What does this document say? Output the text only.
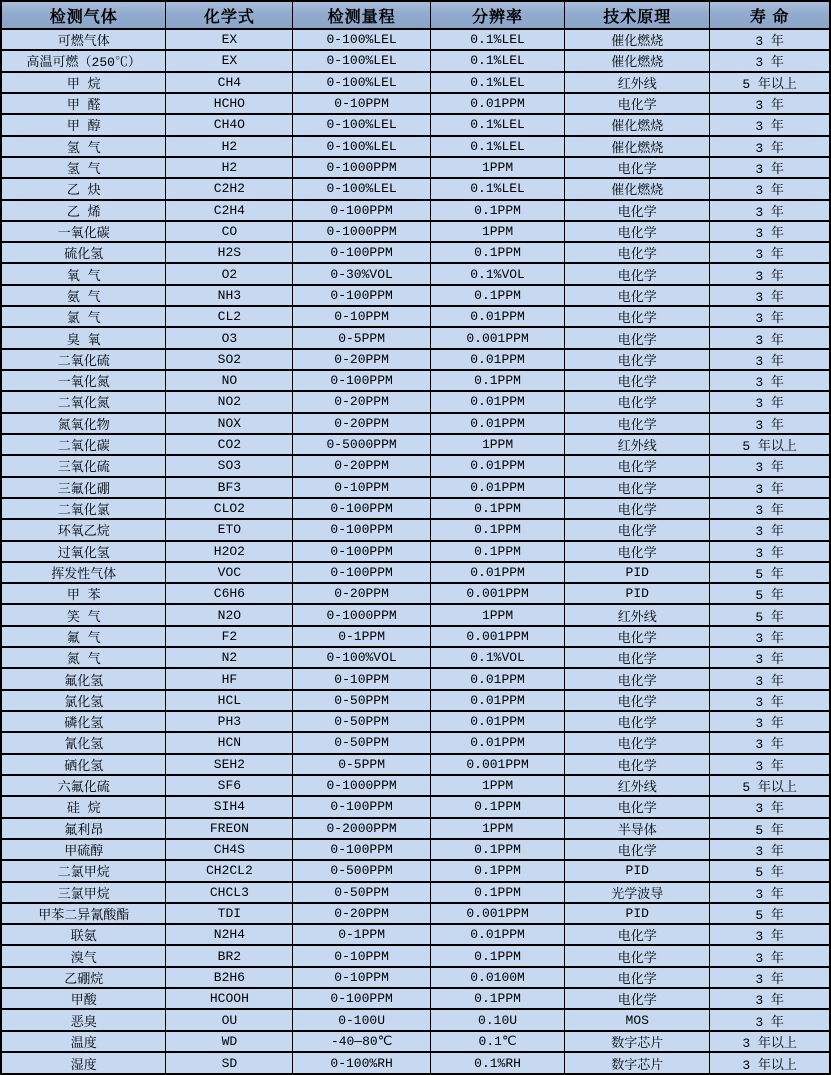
检测气体	化学式	检测量程	分辨率	技术原理	寿 命
可燃气体	EX	0-100%LEL	0.1%LEL	催化燃烧	3 年
高温可燃（250℃）	EX	0-100%LEL	0.1%LEL	催化燃烧	3 年
甲 烷	CH4	0-100%LEL	0.1%LEL	红外线	5 年以上
甲 醛	HCHO	0-10PPM	0.01PPM	电化学	3 年
甲 醇	CH4O	0-100%LEL	0.1%LEL	催化燃烧	3 年
氢 气	H2	0-100%LEL	0.1%LEL	催化燃烧	3 年
氢 气	H2	0-1000PPM	1PPM	电化学	3 年
乙 炔	C2H2	0-100%LEL	0.1%LEL	催化燃烧	3 年
乙 烯	C2H4	0-100PPM	0.1PPM	电化学	3 年
一氧化碳	CO	0-1000PPM	1PPM	电化学	3 年
硫化氢	H2S	0-100PPM	0.1PPM	电化学	3 年
氧 气	O2	0-30%VOL	0.1%VOL	电化学	3 年
氨 气	NH3	0-100PPM	0.1PPM	电化学	3 年
氯 气	CL2	0-10PPM	0.01PPM	电化学	3 年
臭 氧	O3	0-5PPM	0.001PPM	电化学	3 年
二氧化硫	SO2	0-20PPM	0.01PPM	电化学	3 年
一氧化氮	NO	0-100PPM	0.1PPM	电化学	3 年
二氧化氮	NO2	0-20PPM	0.01PPM	电化学	3 年
氮氧化物	NOX	0-20PPM	0.01PPM	电化学	3 年
二氧化碳	CO2	0-5000PPM	1PPM	红外线	5 年以上
三氧化硫	SO3	0-20PPM	0.01PPM	电化学	3 年
三氟化硼	BF3	0-10PPM	0.01PPM	电化学	3 年
二氧化氯	CLO2	0-100PPM	0.1PPM	电化学	3 年
环氧乙烷	ETO	0-100PPM	0.1PPM	电化学	3 年
过氧化氢	H2O2	0-100PPM	0.1PPM	电化学	3 年
挥发性气体	VOC	0-100PPM	0.01PPM	PID	5 年
甲 苯	C6H6	0-20PPM	0.001PPM	PID	5 年
笑 气	N2O	0-1000PPM	1PPM	红外线	5 年
氟 气	F2	0-1PPM	0.001PPM	电化学	3 年
氮 气	N2	0-100%VOL	0.1%VOL	电化学	3 年
氟化氢	HF	0-10PPM	0.01PPM	电化学	3 年
氯化氢	HCL	0-50PPM	0.01PPM	电化学	3 年
磷化氢	PH3	0-50PPM	0.01PPM	电化学	3 年
氰化氢	HCN	0-50PPM	0.01PPM	电化学	3 年
硒化氢	SEH2	0-5PPM	0.001PPM	电化学	3 年
六氟化硫	SF6	0-1000PPM	1PPM	红外线	5 年以上
硅 烷	SIH4	0-100PPM	0.1PPM	电化学	3 年
氟利昂	FREON	0-2000PPM	1PPM	半导体	5 年
甲硫醇	CH4S	0-100PPM	0.1PPM	电化学	3 年
二氯甲烷	CH2CL2	0-500PPM	0.1PPM	PID	5 年
三氯甲烷	CHCL3	0-50PPM	0.1PPM	光学波导	3 年
甲苯二异氰酸酯	TDI	0-20PPM	0.001PPM	PID	5 年
联氨	N2H4	0-1PPM	0.01PPM	电化学	3 年
溴气	BR2	0-10PPM	0.1PPM	电化学	3 年
乙硼烷	B2H6	0-10PPM	0.0100M	电化学	3 年
甲酸	HCOOH	0-100PPM	0.1PPM	电化学	3 年
恶臭	OU	0-100U	0.10U	MOS	3 年
温度	WD	-40—80℃	0.1℃	数字芯片	3 年以上
湿度	SD	0-100%RH	0.1%RH	数字芯片	3 年以上
